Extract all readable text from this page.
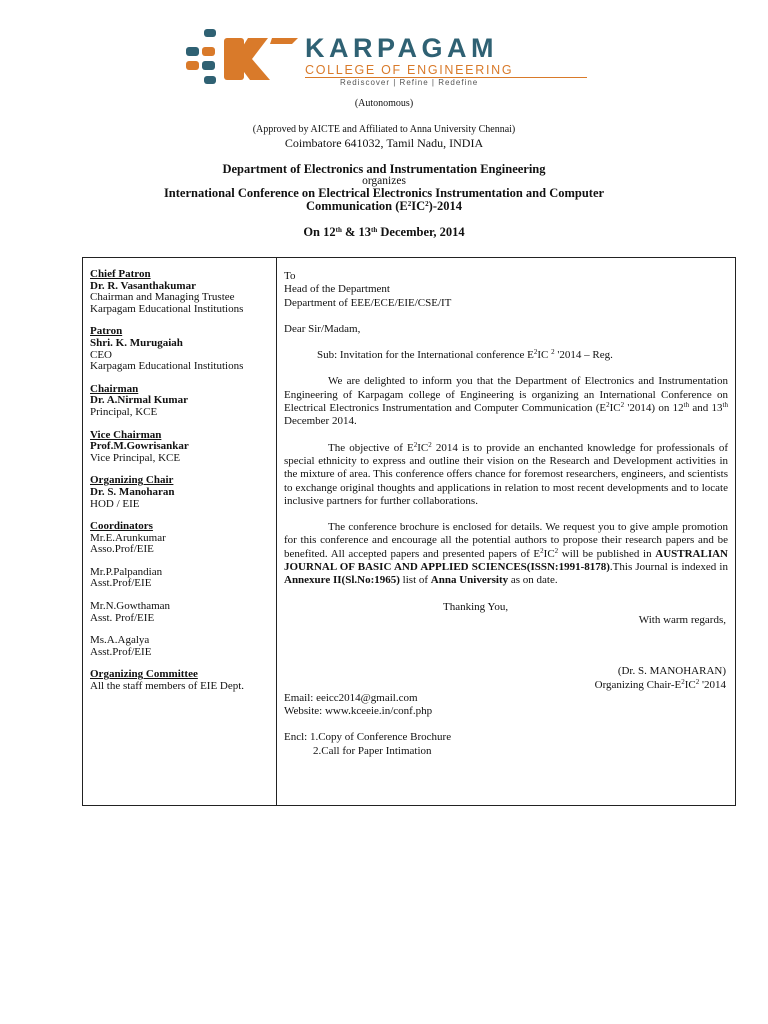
KARPAGAM
COLLEGE OF ENGINEERING
Rediscover | Refine | Redefine
(Autonomous)
(Approved by AICTE and Affiliated to Anna University Chennai)
Coimbatore 641032, Tamil Nadu, INDIA
Department of Electronics and Instrumentation Engineering
organizes
International Conference on Electrical Electronics Instrumentation and Computer
Communication $(E^2IC^2)-2014$
On 12th & 13th December, 2014
Chief Patron
Dr. R. Vasanthakumar
Chairman and Managing Trustee
Karpagam Educational Institutions
Patron
Shri. K. Murugaiah
CEO
Karpagam Educational Institutions
Chairman
Dr. A.Nirmal Kumar
Principal, KCE
Vice Chairman
Prof.M.Gowrisankar
Vice Principal, KCE
Organizing Chair
Dr. S. Manoharan
HOD / EIE
Coordinators
Mr.E.Arunkumar
Asso.Prof/EIE
Mr.P.Palpandian
Asst.Prof/EIE
Mr.N.Gowthaman
Asst. Prof/EIE
Ms.A.Agalya
Asst.Prof/EIE
Organizing Committee
All the staff members of EIE Dept.
To
Head of the Department
Department of EEE/ECE/EIE/CSE/IT
Dear Sir/Madam,
Sub: Invitation for the International conference $E^2IC$ $^2$ '2014 – Reg.

We are delighted to inform you that the Department of Electronics and Instrumentation Engineering of Karpagam college of Engineering is organizing an International Conference on Electrical Electronics Instrumentation and Computer Communication ($E^2IC^2$ '2014) on 12th and 13th December 2014.

The objective of $E^2IC^2$ 2014 is to provide an enchanted knowledge for professionals of special ethnicity to express and outline their vision on the Research and Development activities in the mixture of area. This conference offers chance for foremost researchers, engineers, and scientists to exchange original thoughts and applications in relation to most recent developments and to locate inclusive partners for further collaborations.

The conference brochure is enclosed for details. We request you to give ample promotion for this conference and encourage all the potential authors to propose their research papers and be benefited. All accepted papers and presented papers of $E^2IC^2$ will be published in AUSTRALIAN JOURNAL OF BASIC AND APPLIED SCIENCES(ISSN:1991-8178).This Journal is indexed in Annexure II(Sl.No:1965) list of Anna University as on date.

Thanking You,
With warm regards,
(Dr. S. MANOHARAN)
Organizing Chair-$E^2IC^2$ '2014
Email: eeicc2014@gmail.com
Website: www.kceeie.in/conf.php
Encl: 1.Copy of Conference Brochure
2.Call for Paper Intimation
